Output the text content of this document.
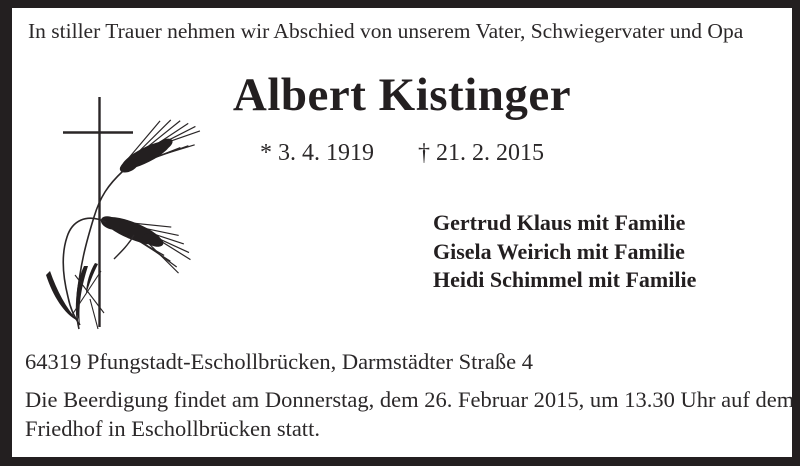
In stiller Trauer nehmen wir Abschied von unserem Vater, Schwiegervater und Opa
Albert Kistinger
* 3. 4. 1919 † 21. 2. 2015
Gertrud Klaus mit Familie
Gisela Weirich mit Familie
Heidi Schimmel mit Familie
64319 Pfungstadt-Eschollbrücken, Darmstädter Straße 4
Die Beerdigung findet am Donnerstag, dem 26. Februar 2015, um 13.30 Uhr auf dem
Friedhof in Eschollbrücken statt.
